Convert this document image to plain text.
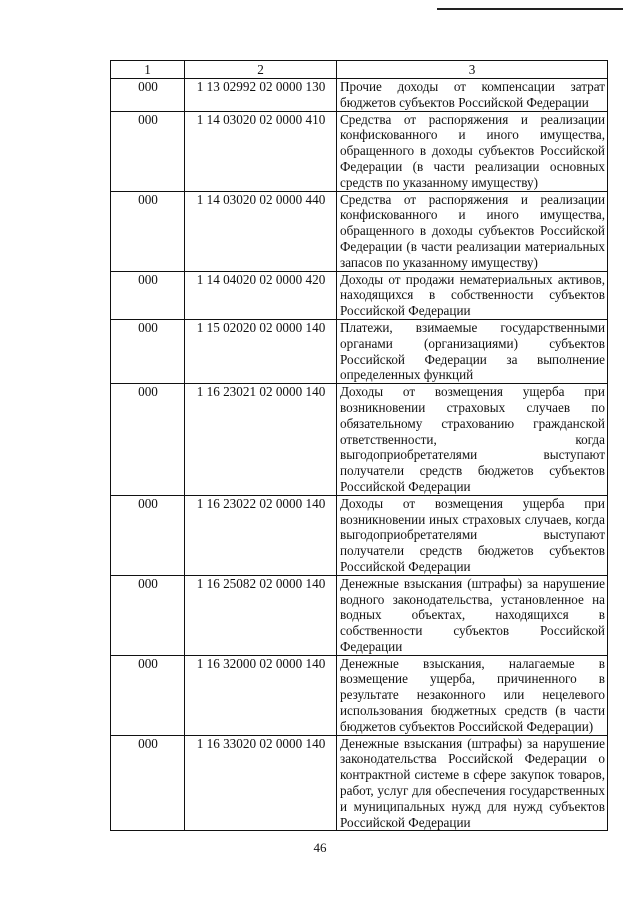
1	2	3
000	1 13 02992 02 0000 130	Прочие доходы от компенсации затрат бюджетов субъектов Российской Федерации
000	1 14 03020 02 0000 410	Средства от распоряжения и реализации конфискованного и иного имущества, обращенного в доходы субъектов Российской Федерации (в части реализации основных средств по указанному имуществу)
000	1 14 03020 02 0000 440	Средства от распоряжения и реализации конфискованного и иного имущества, обращенного в доходы субъектов Российской Федерации (в части реализации материальных запасов по указанному имуществу)
000	1 14 04020 02 0000 420	Доходы от продажи нематериальных активов, находящихся в собственности субъектов Российской Федерации
000	1 15 02020 02 0000 140	Платежи, взимаемые государственными органами (организациями) субъектов Российской Федерации за выполнение определенных функций
000	1 16 23021 02 0000 140	Доходы от возмещения ущерба при возникновении страховых случаев по обязательному страхованию гражданской ответственности, когда выгодоприобретателями выступают получатели средств бюджетов субъектов Российской Федерации
000	1 16 23022 02 0000 140	Доходы от возмещения ущерба при возникновении иных страховых случаев, когда выгодоприобретателями выступают получатели средств бюджетов субъектов Российской Федерации
000	1 16 25082 02 0000 140	Денежные взыскания (штрафы) за нарушение водного законодательства, установленное на водных объектах, находящихся в собственности субъектов Российской Федерации
000	1 16 32000 02 0000 140	Денежные взыскания, налагаемые в возмещение ущерба, причиненного в результате незаконного или нецелевого использования бюджетных средств (в части бюджетов субъектов Российской Федерации)
000	1 16 33020 02 0000 140	Денежные взыскания (штрафы) за нарушение законодательства Российской Федерации о контрактной системе в сфере закупок товаров, работ, услуг для обеспечения государственных и муниципальных нужд для нужд субъектов Российской Федерации
46
